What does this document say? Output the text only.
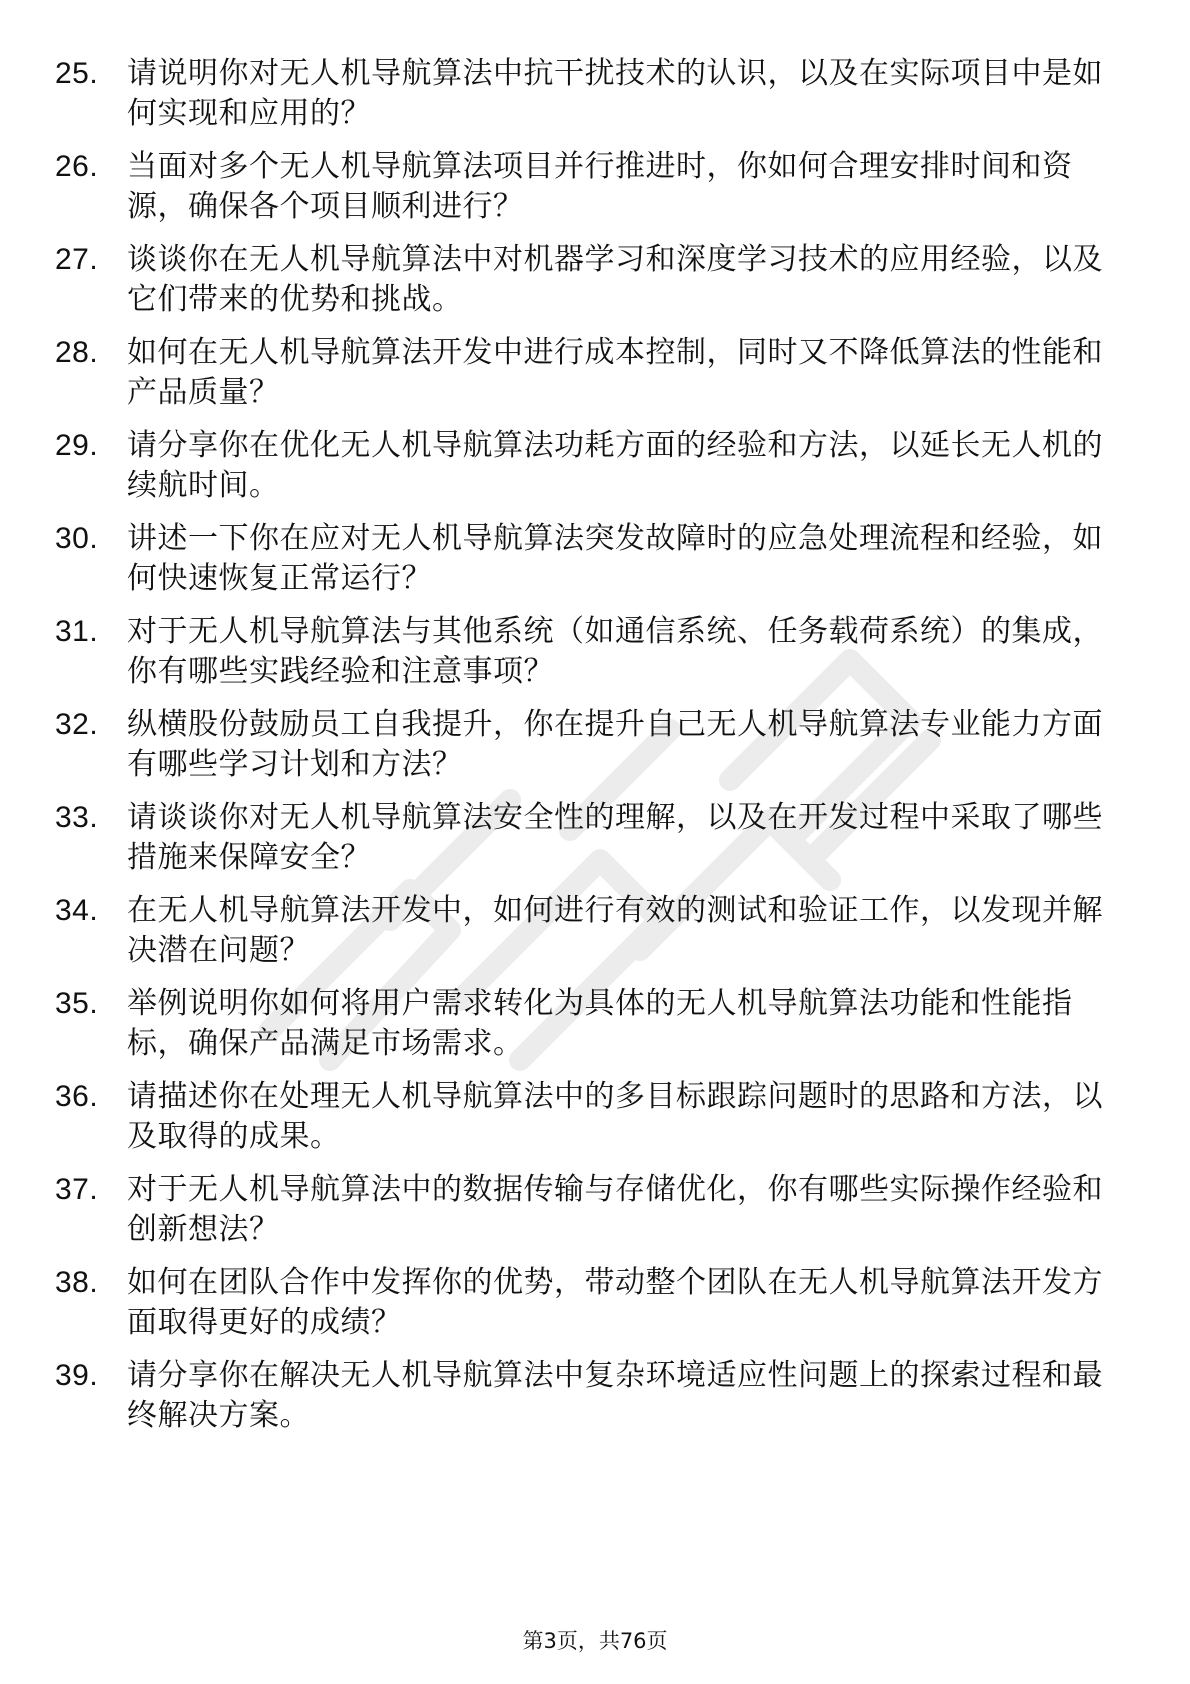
25. 请说明你对无人机导航算法中抗干扰技术的认识，以及在实际项目中是如何实现和应用的？
26. 当面对多个无人机导航算法项目并行推进时，你如何合理安排时间和资源，确保各个项目顺利进行？
27. 谈谈你在无人机导航算法中对机器学习和深度学习技术的应用经验，以及它们带来的优势和挑战。
28. 如何在无人机导航算法开发中进行成本控制，同时又不降低算法的性能和产品质量？
29. 请分享你在优化无人机导航算法功耗方面的经验和方法，以延长无人机的续航时间。
30. 讲述一下你在应对无人机导航算法突发故障时的应急处理流程和经验，如何快速恢复正常运行？
31. 对于无人机导航算法与其他系统（如通信系统、任务载荷系统）的集成，你有哪些实践经验和注意事项？
32. 纵横股份鼓励员工自我提升，你在提升自己无人机导航算法专业能力方面有哪些学习计划和方法？
33. 请谈谈你对无人机导航算法安全性的理解，以及在开发过程中采取了哪些措施来保障安全？
34. 在无人机导航算法开发中，如何进行有效的测试和验证工作，以发现并解决潜在问题？
35. 举例说明你如何将用户需求转化为具体的无人机导航算法功能和性能指标，确保产品满足市场需求。
36. 请描述你在处理无人机导航算法中的多目标跟踪问题时的思路和方法，以及取得的成果。
37. 对于无人机导航算法中的数据传输与存储优化，你有哪些实际操作经验和创新想法？
38. 如何在团队合作中发挥你的优势，带动整个团队在无人机导航算法开发方面取得更好的成绩？
39. 请分享你在解决无人机导航算法中复杂环境适应性问题上的探索过程和最终解决方案。
第3页，共76页
